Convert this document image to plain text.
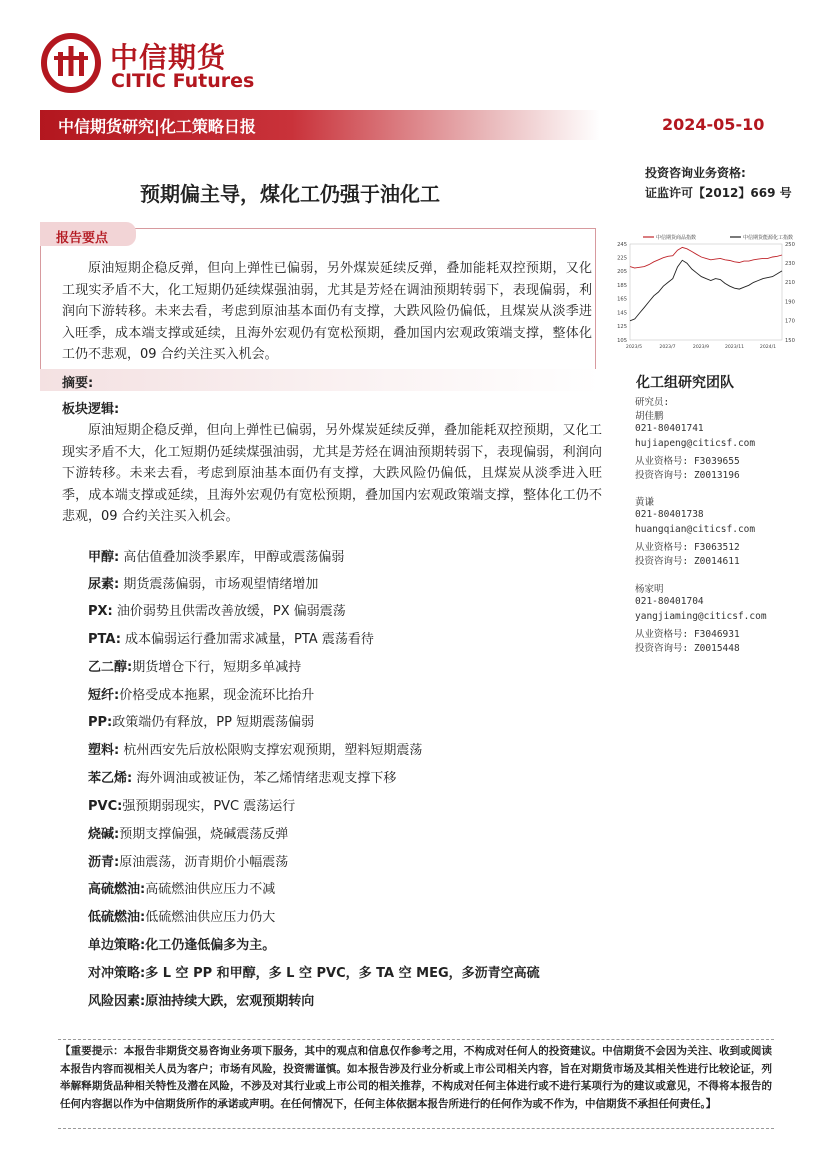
中信期货
CITIC Futures
中信期货研究|化工策略日报	2024-05-10
投资咨询业务资格:
证监许可【2012】669 号
预期偏主导，煤化工仍强于油化工
报告要点
原油短期企稳反弹，但向上弹性已偏弱，另外煤炭延续反弹，叠加能耗双控预期，又化工现实矛盾不大，化工短期仍延续煤强油弱，尤其是芳烃在调油预期转弱下，表现偏弱，利润向下游转移。未来去看，考虑到原油基本面仍有支撑，大跌风险仍偏低，且煤炭从淡季进入旺季，成本端支撑或延续，且海外宏观仍有宽松预期，叠加国内宏观政策端支撑，整体化工仍不悲观，09 合约关注买入机会。
中信期货商品指数	中信期货能源化工指数
105
125
145
165
185
205
225
245
150
170
190
210
230
250
2023/5	2023/7	2023/9	2023/11	2024/1
摘要:
板块逻辑:
原油短期企稳反弹，但向上弹性已偏弱，另外煤炭延续反弹，叠加能耗双控预期，又化工现实矛盾不大，化工短期仍延续煤强油弱，尤其是芳烃在调油预期转弱下，表现偏弱，利润向下游转移。未来去看，考虑到原油基本面仍有支撑，大跌风险仍偏低，且煤炭从淡季进入旺季，成本端支撑或延续，且海外宏观仍有宽松预期，叠加国内宏观政策端支撑，整体化工仍不悲观，09 合约关注买入机会。
甲醇: 高估值叠加淡季累库，甲醇或震荡偏弱
尿素: 期货震荡偏弱，市场观望情绪增加
PX: 油价弱势且供需改善放缓，PX 偏弱震荡
PTA: 成本偏弱运行叠加需求减量，PTA 震荡看待
乙二醇:期货增仓下行，短期多单减持
短纤:价格受成本拖累，现金流环比抬升
PP:政策端仍有释放，PP 短期震荡偏弱
塑料: 杭州西安先后放松限购支撑宏观预期，塑料短期震荡
苯乙烯: 海外调油或被证伪，苯乙烯情绪悲观支撑下移
PVC:强预期弱现实，PVC 震荡运行
烧碱:预期支撑偏强，烧碱震荡反弹
沥青:原油震荡，沥青期价小幅震荡
高硫燃油:高硫燃油供应压力不减
低硫燃油:低硫燃油供应压力仍大
单边策略:化工仍逢低偏多为主。
对冲策略:多 L 空 PP 和甲醇，多 L 空 PVC，多 TA 空 MEG，多沥青空高硫
风险因素:原油持续大跌，宏观预期转向
化工组研究团队
研究员:
胡佳鹏
021-80401741
hujiapeng@citicsf.com
从业资格号: F3039655
投资咨询号: Z0013196
黄谦
021-80401738
huangqian@citicsf.com
从业资格号: F3063512
投资咨询号: Z0014611
杨家明
021-80401704
yangjiaming@citicsf.com
从业资格号: F3046931
投资咨询号: Z0015448
【重要提示：本报告非期货交易咨询业务项下服务，其中的观点和信息仅作参考之用，不构成对任何人的投资建议。中信期货不会因为关注、收到或阅读本报告内容而视相关人员为客户；市场有风险，投资需谨慎。如本报告涉及行业分析或上市公司相关内容，旨在对期货市场及其相关性进行比较论证，列举解释期货品种相关特性及潜在风险，不涉及对其行业或上市公司的相关推荐，不构成对任何主体进行或不进行某项行为的建议或意见，不得将本报告的任何内容据以作为中信期货所作的承诺或声明。在任何情况下，任何主体依据本报告所进行的任何作为或不作为，中信期货不承担任何责任。】
